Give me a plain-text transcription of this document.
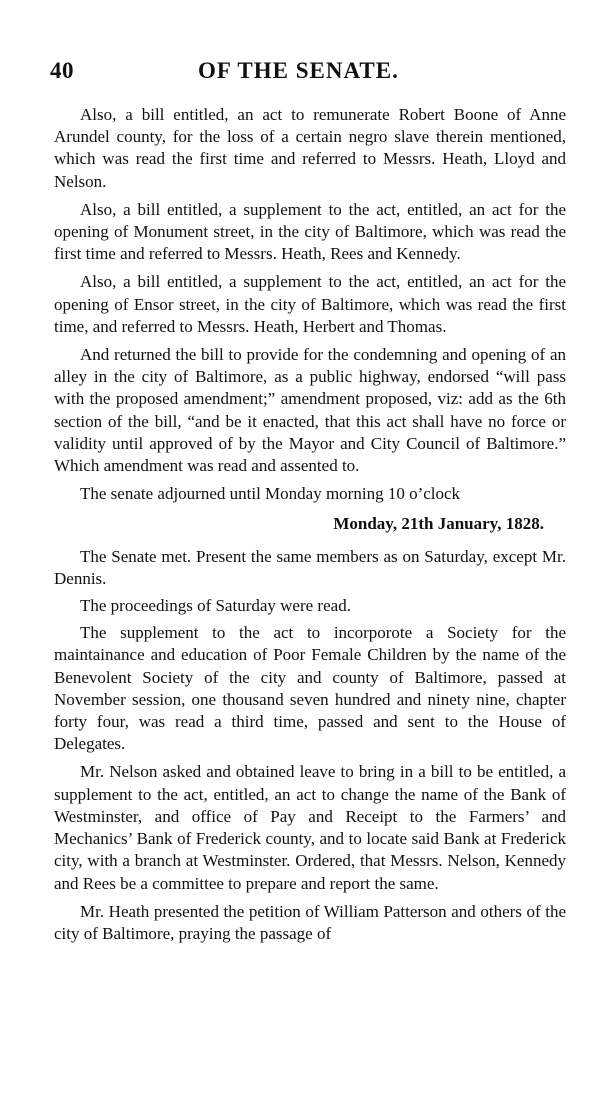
40	OF THE SENATE.

Also, a bill entitled, an act to remunerate Robert Boone of Anne Arundel county, for the loss of a certain negro slave therein mentioned, which was read the first time and referred to Messrs. Heath, Lloyd and Nelson.

Also, a bill entitled, a supplement to the act, entitled, an act for the opening of Monument street, in the city of Baltimore, which was read the first time and referred to Messrs. Heath, Rees and Kennedy.

Also, a bill entitled, a supplement to the act, entitled, an act for the opening of Ensor street, in the city of Baltimore, which was read the first time, and referred to Messrs. Heath, Herbert and Thomas.

And returned the bill to provide for the condemning and opening of an alley in the city of Baltimore, as a public highway, endorsed “will pass with the proposed amendment;” amendment proposed, viz: add as the 6th section of the bill, “and be it enacted, that this act shall have no force or validity until approved of by the Mayor and City Council of Baltimore.” Which amendment was read and assented to.

The senate adjourned until Monday morning 10 o’clock

Monday, 21th January, 1828.

The Senate met. Present the same members as on Saturday, except Mr. Dennis.

The proceedings of Saturday were read.

The supplement to the act to incorporote a Society for the maintainance and education of Poor Female Children by the name of the Benevolent Society of the city and county of Baltimore, passed at November session, one thousand seven hundred and ninety nine, chapter forty four, was read a third time, passed and sent to the House of Delegates.

Mr. Nelson asked and obtained leave to bring in a bill to be entitled, a supplement to the act, entitled, an act to change the name of the Bank of Westminster, and office of Pay and Receipt to the Farmers’ and Mechanics’ Bank of Frederick county, and to locate said Bank at Frederick city, with a branch at Westminster. Ordered, that Messrs. Nelson, Kennedy and Rees be a committee to prepare and report the same.

Mr. Heath presented the petition of William Patterson and others of the city of Baltimore, praying the passage of
